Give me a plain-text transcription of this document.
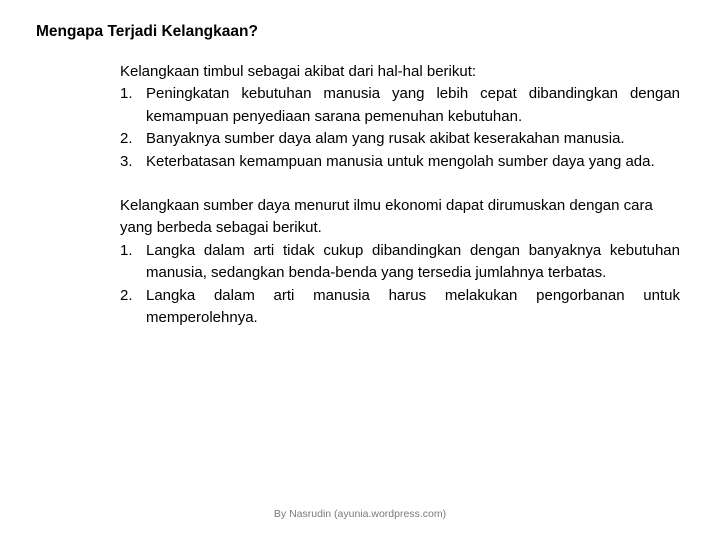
Mengapa Terjadi Kelangkaan?

Kelangkaan timbul sebagai akibat dari hal-hal berikut:

1. Peningkatan kebutuhan manusia yang lebih cepat dibandingkan dengan kemampuan penyediaan sarana pemenuhan kebutuhan.
2. Banyaknya sumber daya alam yang rusak akibat keserakahan manusia.
3. Keterbatasan kemampuan manusia untuk mengolah sumber daya yang ada.

Kelangkaan sumber daya menurut ilmu ekonomi dapat dirumuskan dengan cara yang berbeda sebagai berikut.

1. Langka dalam arti tidak cukup dibandingkan dengan banyaknya kebutuhan manusia, sedangkan benda-benda yang tersedia jumlahnya terbatas.
2. Langka dalam arti manusia harus melakukan pengorbanan untuk memperolehnya.
By Nasrudin (ayunia.wordpress.com)
